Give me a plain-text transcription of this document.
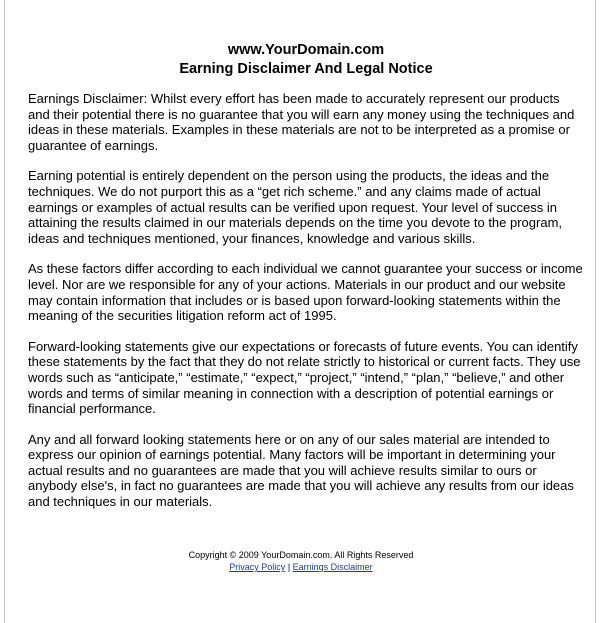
www.YourDomain.com
Earning Disclaimer And Legal Notice

Earnings Disclaimer: Whilst every effort has been made to accurately represent our products and their potential there is no guarantee that you will earn any money using the techniques and ideas in these materials. Examples in these materials are not to be interpreted as a promise or guarantee of earnings.

Earning potential is entirely dependent on the person using the products, the ideas and the techniques. We do not purport this as a “get rich scheme.” and any claims made of actual earnings or examples of actual results can be verified upon request. Your level of success in attaining the results claimed in our materials depends on the time you devote to the program, ideas and techniques mentioned, your finances, knowledge and various skills.

As these factors differ according to each individual we cannot guarantee your success or income level. Nor are we responsible for any of your actions. Materials in our product and our website may contain information that includes or is based upon forward-looking statements within the meaning of the securities litigation reform act of 1995.

Forward-looking statements give our expectations or forecasts of future events. You can identify these statements by the fact that they do not relate strictly to historical or current facts. They use words such as “anticipate,” “estimate,” “expect,” “project,” “intend,” “plan,” “believe,” and other words and terms of similar meaning in connection with a description of potential earnings or financial performance.

Any and all forward looking statements here or on any of our sales material are intended to express our opinion of earnings potential. Many factors will be important in determining your actual results and no guarantees are made that you will achieve results similar to ours or anybody else's, in fact no guarantees are made that you will achieve any results from our ideas and techniques in our materials.

Copyright © 2009 YourDomain.com. All Rights Reserved
Privacy Policy | Earnings Disclaimer
